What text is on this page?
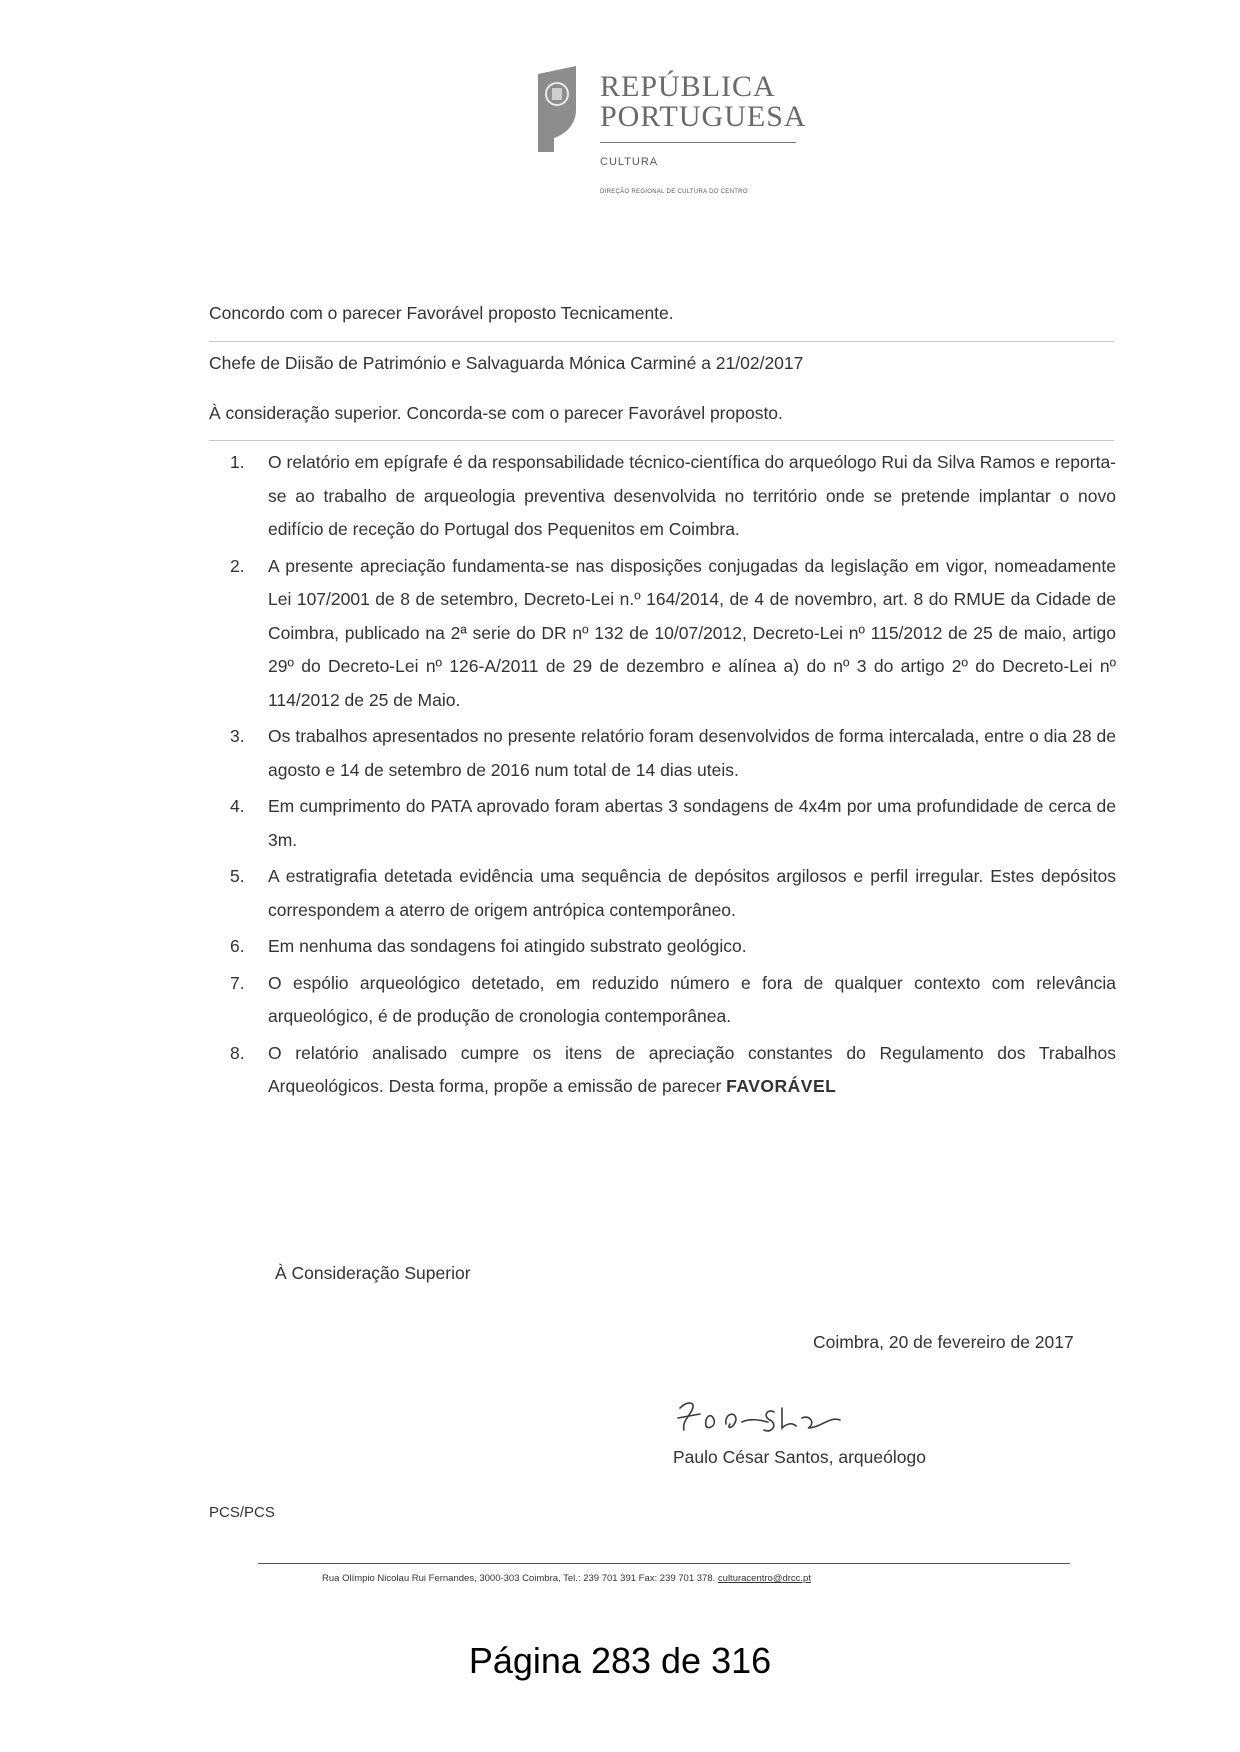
REPÚBLICA
PORTUGUESA
CULTURA
DIREÇÃO REGIONAL DE CULTURA DO CENTRO
Concordo com o parecer Favorável proposto Tecnicamente.
Chefe de Diisão de Património e Salvaguarda Mónica Carminé a 21/02/2017
À consideração superior. Concorda-se com o parecer Favorável proposto.
1. O relatório em epígrafe é da responsabilidade técnico-científica do arqueólogo Rui da Silva Ramos e reporta-se ao trabalho de arqueologia preventiva desenvolvida no território onde se pretende implantar o novo edifício de receção do Portugal dos Pequenitos em Coimbra.
2. A presente apreciação fundamenta-se nas disposições conjugadas da legislação em vigor, nomeadamente Lei 107/2001 de 8 de setembro, Decreto-Lei n.º 164/2014, de 4 de novembro, art. 8 do RMUE da Cidade de Coimbra, publicado na 2ª serie do DR nº 132 de 10/07/2012, Decreto-Lei nº 115/2012 de 25 de maio, artigo 29º do Decreto-Lei nº 126-A/2011 de 29 de dezembro e alínea a) do nº 3 do artigo 2º do Decreto-Lei nº 114/2012 de 25 de Maio.
3. Os trabalhos apresentados no presente relatório foram desenvolvidos de forma intercalada, entre o dia 28 de agosto e 14 de setembro de 2016 num total de 14 dias uteis.
4. Em cumprimento do PATA aprovado foram abertas 3 sondagens de 4x4m por uma profundidade de cerca de 3m.
5. A estratigrafia detetada evidência uma sequência de depósitos argilosos e perfil irregular. Estes depósitos correspondem a aterro de origem antrópica contemporâneo.
6. Em nenhuma das sondagens foi atingido substrato geológico.
7. O espólio arqueológico detetado, em reduzido número e fora de qualquer contexto com relevância arqueológico, é de produção de cronologia contemporânea.
8. O relatório analisado cumpre os itens de apreciação constantes do Regulamento dos Trabalhos Arqueológicos. Desta forma, propõe a emissão de parecer FAVORÁVEL
À Consideração Superior
Coimbra, 20 de fevereiro de 2017
Paulo César Santos, arqueólogo
PCS/PCS
Rua Olímpio Nicolau Rui Fernandes, 3000-303 Coimbra, Tel.: 239 701 391 Fax: 239 701 378. culturacentro@drcc.pt
Página 283 de 316
